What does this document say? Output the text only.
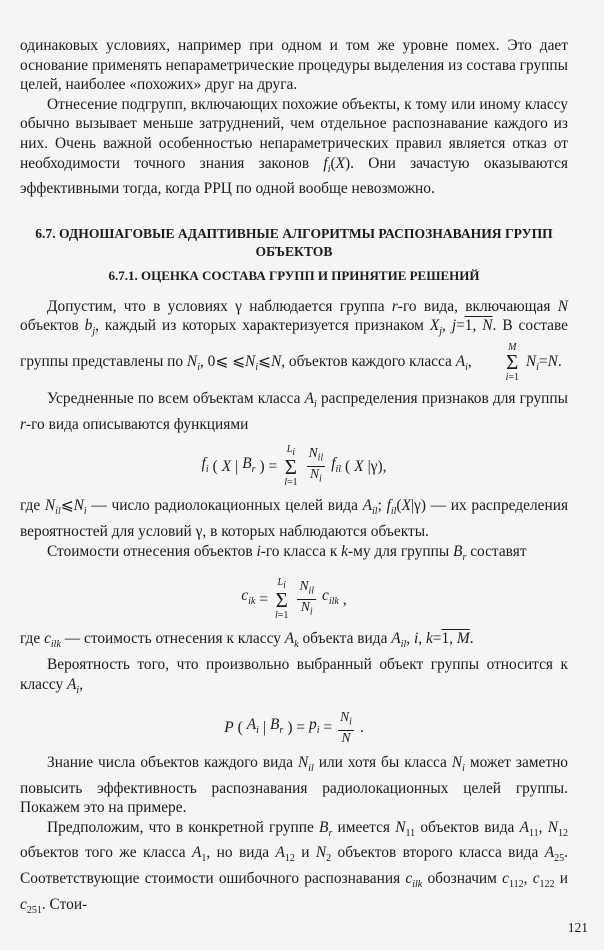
одинаковых условиях, например при одном и том же уровне помех. Это дает основание применять непараметрические процедуры выделения из состава группы целей, наиболее «похожих» друг на друга.

Отнесение подгрупп, включающих похожие объекты, к тому или иному классу обычно вызывает меньше затруднений, чем отдельное распознавание каждого из них. Очень важной особенностью непараметрических правил является отказ от необходимости точного знания законов $f_i(X)$. Они зачастую оказываются эффективными тогда, когда РРЦ по одной вообще невозможно.

6.7. ОДНОШАГОВЫЕ АДАПТИВНЫЕ АЛГОРИТМЫ РАСПОЗНАВАНИЯ ГРУПП ОБЪЕКТОВ
6.7.1. ОЦЕНКА СОСТАВА ГРУПП И ПРИНЯТИЕ РЕШЕНИЙ

Допустим, что в условиях γ наблюдается группа r-го вида, включающая N объектов $b_j$, каждый из которых характеризуется признаком $X_j$, j=1, N. В составе группы представлены по $N_i$, 0⩽ $⩽N_i⩽N$, объектов каждого класса $A_i$,
M
Σ
i=1
$N_i=N$.

Усредненные по всем объектам класса $A_i$ распределения признаков для группы r-го вида описываются функциями

$f_i$ ( X | $B_r$ ) =
$L_i$
Σ
$l=1 \frac{N_{il}}{N_i} f_{il}$ ( X |γ),

где $N_{il}⩽N_i$ — число радиолокационных целей вида $A_{il}$; $f_{il}(X|\gamma)$ — их распределения вероятностей для условий γ, в которых наблюдаются объекты.

Стоимости отнесения объектов i-го класса к k-му для группы $B_r$ составят

$c_{ik}$ =
$L_i$
Σ
$l=1 \frac{N_{il}}{N_i} c_{ilk}$ ,

где $c_{ilk}$ — стоимость отнесения к классу $A_k$ объекта вида $A_{il}$, i, k=1, M.

Вероятность того, что произвольно выбранный объект группы относится к классу $A_i$,

P ( $A_i$ | $B_r$ ) = $p_i = \frac{N_i}{N}$ .

Знание числа объектов каждого вида $N_{il}$ или хотя бы класса $N_i$ может заметно повысить эффективность распознавания радиолокационных целей группы. Покажем это на примере.

Предположим, что в конкретной группе $B_r$ имеется $N_{11}$ объектов вида $A_{11}$, $N_{12}$ объектов того же класса $A_1$, но вида $A_{12}$ и $N_2$ объектов второго класса вида $A_{25}$. Соответствующие стоимости ошибочного распознавания $c_{ilk}$ обозначим $c_{112}$, $c_{122}$ и $c_{251}$. Стои-

121
